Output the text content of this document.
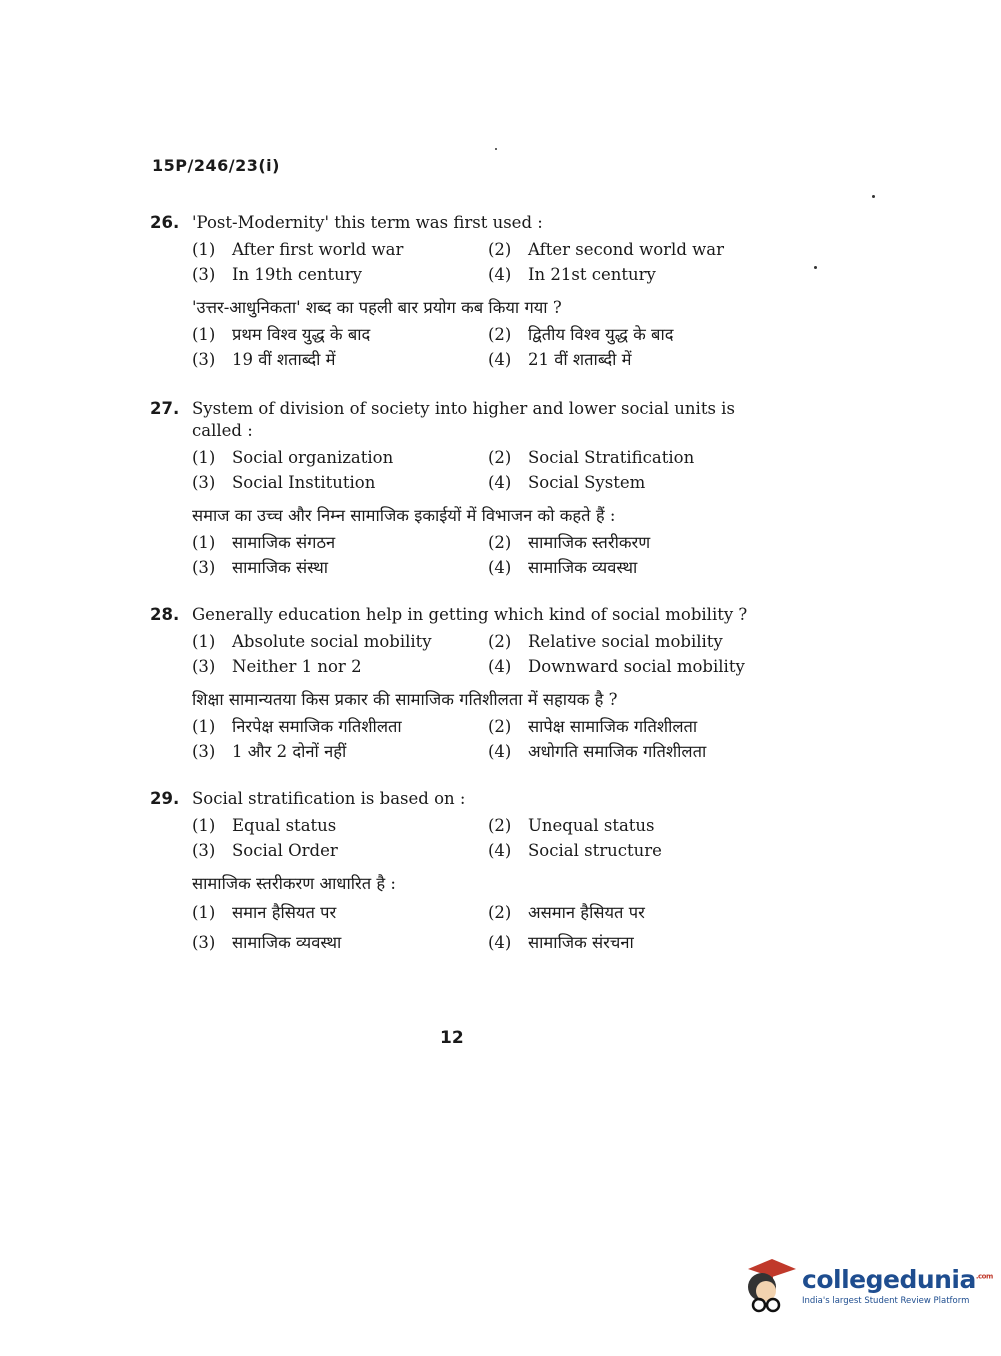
15P/246/23(i)
26. 'Post-Modernity' this term was first used :
(1)	After first world war	(2)	After second world war
(3)	In 19th century	(4)	In 21st century
'उत्तर-आधुनिकता' शब्द का पहली बार प्रयोग कब किया गया ?
(1)	प्रथम विश्व युद्ध के बाद	(2)	द्वितीय विश्व युद्ध के बाद
(3)	19 वीं शताब्दी में	(4)	21 वीं शताब्दी में
27. System of division of society into higher and lower social units is called :
(1)	Social organization	(2)	Social Stratification
(3)	Social Institution	(4)	Social System
समाज का उच्च और निम्न सामाजिक इकाईयों में विभाजन को कहते हैं :
(1)	सामाजिक संगठन	(2)	सामाजिक स्तरीकरण
(3)	सामाजिक संस्था	(4)	सामाजिक व्यवस्था
28. Generally education help in getting which kind of social mobility ?
(1)	Absolute social mobility	(2)	Relative social mobility
(3)	Neither 1 nor 2	(4)	Downward social mobility
शिक्षा सामान्यतया किस प्रकार की सामाजिक गतिशीलता में सहायक है ?
(1)	निरपेक्ष समाजिक गतिशीलता	(2)	सापेक्ष सामाजिक गतिशीलता
(3)	1 और 2 दोनों नहीं	(4)	अधोगति समाजिक गतिशीलता
29. Social stratification is based on :
(1)	Equal status	(2)	Unequal status
(3)	Social Order	(4)	Social structure
सामाजिक स्तरीकरण आधारित है :
(1)	समान हैसियत पर	(2)	असमान हैसियत पर
(3)	सामाजिक व्यवस्था	(4)	सामाजिक संरचना
12
collegedunia$^{.com}$
India's largest Student Review Platform
